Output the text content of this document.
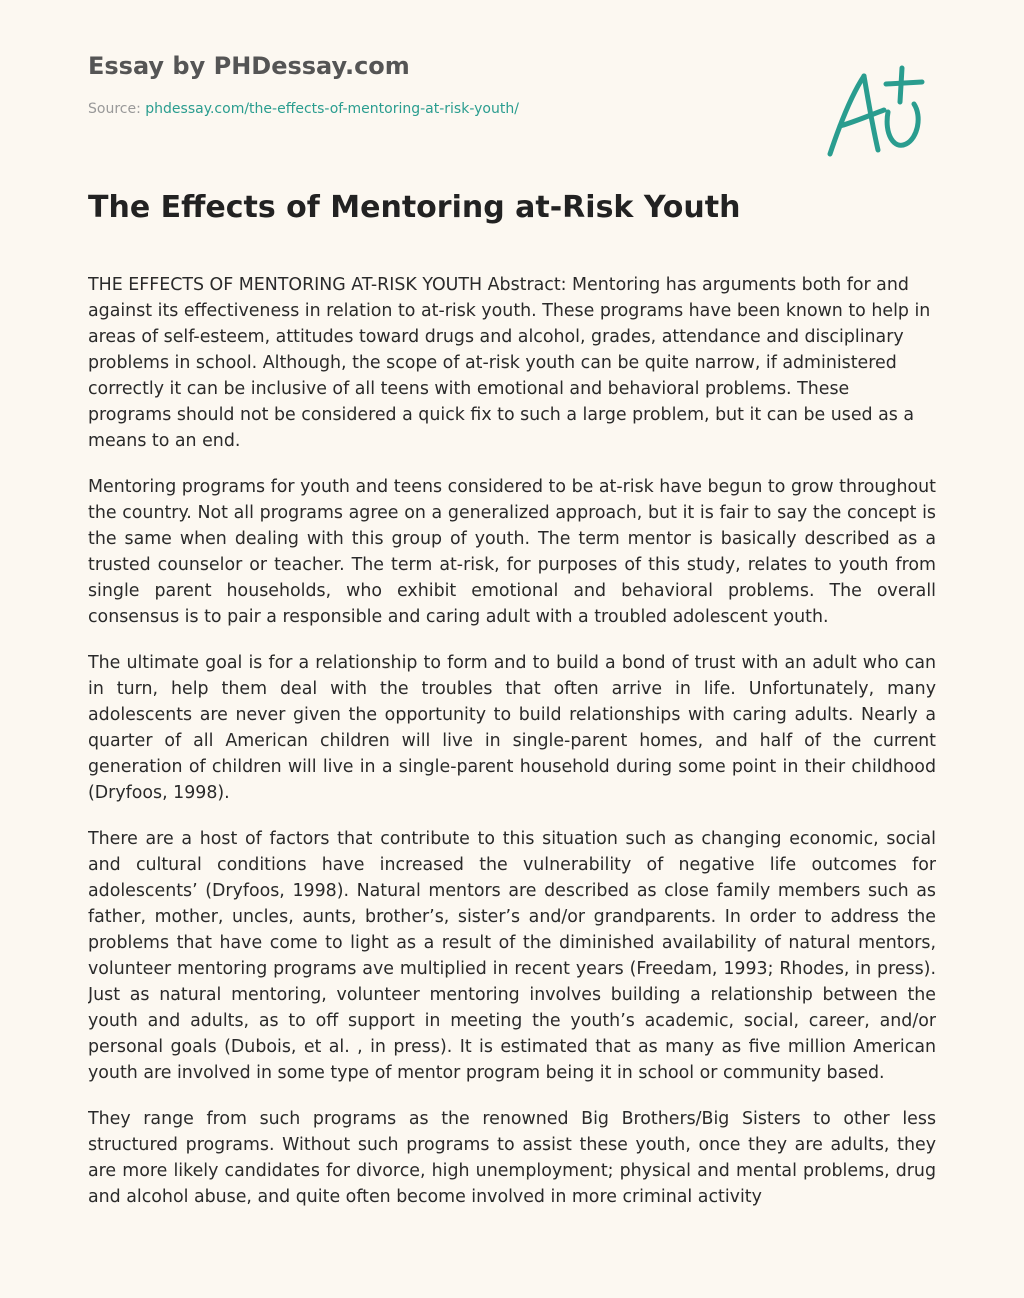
Essay by PHDessay.com
Source: phdessay.com/the-effects-of-mentoring-at-risk-youth/
The Effects of Mentoring at-Risk Youth

THE EFFECTS OF MENTORING AT-RISK YOUTH Abstract: Mentoring has arguments both for and against its effectiveness in relation to at-risk youth. These programs have been known to help in areas of self-esteem, attitudes toward drugs and alcohol, grades, attendance and disciplinary problems in school. Although, the scope of at-risk youth can be quite narrow, if administered correctly it can be inclusive of all teens with emotional and behavioral problems. These programs should not be considered a quick fix to such a large problem, but it can be used as a means to an end.

Mentoring programs for youth and teens considered to be at-risk have begun to grow throughout the country. Not all programs agree on a generalized approach, but it is fair to say the concept is the same when dealing with this group of youth. The term mentor is basically described as a trusted counselor or teacher. The term at-risk, for purposes of this study, relates to youth from single parent households, who exhibit emotional and behavioral problems. The overall consensus is to pair a responsible and caring adult with a troubled adolescent youth.

The ultimate goal is for a relationship to form and to build a bond of trust with an adult who can in turn, help them deal with the troubles that often arrive in life. Unfortunately, many adolescents are never given the opportunity to build relationships with caring adults. Nearly a quarter of all American children will live in single-parent homes, and half of the current generation of children will live in a single-parent household during some point in their childhood (Dryfoos, 1998).

There are a host of factors that contribute to this situation such as changing economic, social and cultural conditions have increased the vulnerability of negative life outcomes for adolescents’ (Dryfoos, 1998). Natural mentors are described as close family members such as father, mother, uncles, aunts, brother’s, sister’s and/or grandparents. In order to address the problems that have come to light as a result of the diminished availability of natural mentors, volunteer mentoring programs ave multiplied in recent years (Freedam, 1993; Rhodes, in press). Just as natural mentoring, volunteer mentoring involves building a relationship between the youth and adults, as to off support in meeting the youth’s academic, social, career, and/or personal goals (Dubois, et al. , in press). It is estimated that as many as five million American youth are involved in some type of mentor program being it in school or community based.

They range from such programs as the renowned Big Brothers/Big Sisters to other less structured programs. Without such programs to assist these youth, once they are adults, they are more likely candidates for divorce, high unemployment; physical and mental problems, drug and alcohol abuse, and quite often become involved in more criminal activity
